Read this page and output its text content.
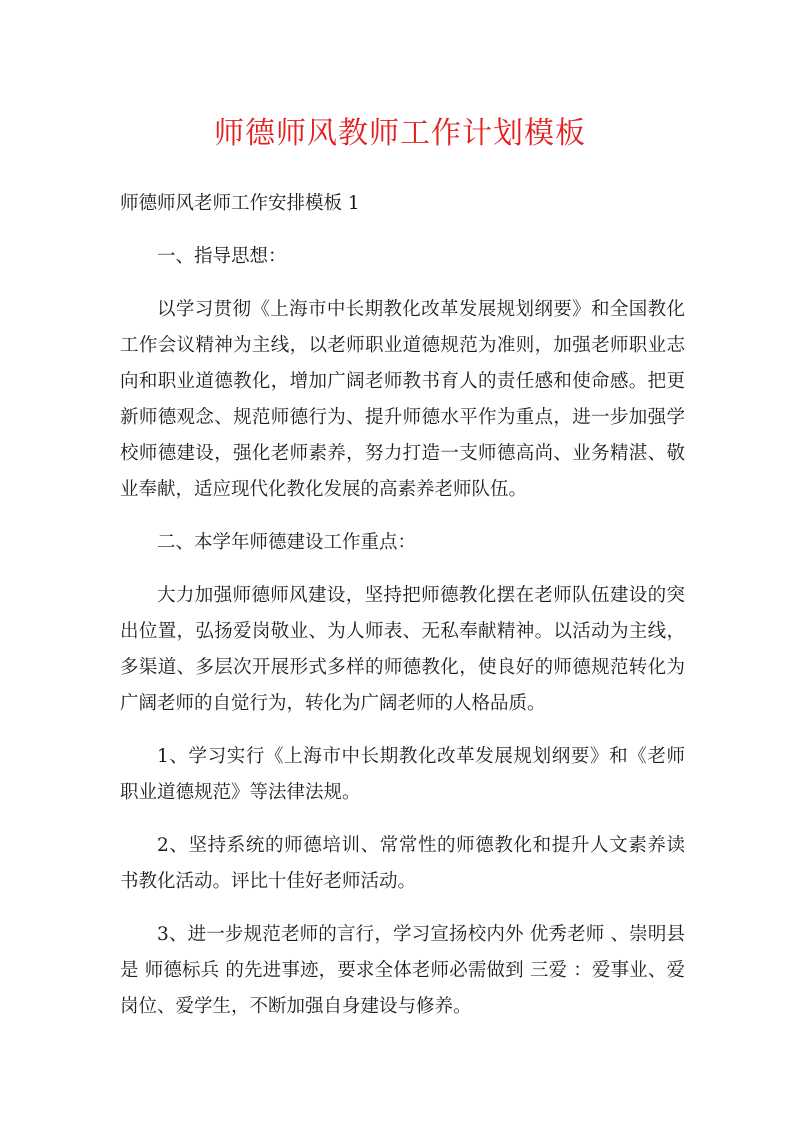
师德师风教师工作计划模板

师德师风老师工作安排模板 1

一、指导思想：

以学习贯彻《上海市中长期教化改革发展规划纲要》和全国教化工作会议精神为主线，以老师职业道德规范为准则，加强老师职业志向和职业道德教化，增加广阔老师教书育人的责任感和使命感。把更新师德观念、规范师德行为、提升师德水平作为重点，进一步加强学校师德建设，强化老师素养，努力打造一支师德高尚、业务精湛、敬业奉献，适应现代化教化发展的高素养老师队伍。

二、本学年师德建设工作重点：

大力加强师德师风建设，坚持把师德教化摆在老师队伍建设的突出位置，弘扬爱岗敬业、为人师表、无私奉献精神。以活动为主线，多渠道、多层次开展形式多样的师德教化，使良好的师德规范转化为广阔老师的自觉行为，转化为广阔老师的人格品质。

1、学习实行《上海市中长期教化改革发展规划纲要》和《老师职业道德规范》等法律法规。

2、坚持系统的师德培训、常常性的师德教化和提升人文素养读书教化活动。评比十佳好老师活动。

3、进一步规范老师的言行，学习宣扬校内外 优秀老师 、崇明县是 师德标兵 的先进事迹，要求全体老师必需做到 三爱 ：爱事业、爱岗位、爱学生，不断加强自身建设与修养。
